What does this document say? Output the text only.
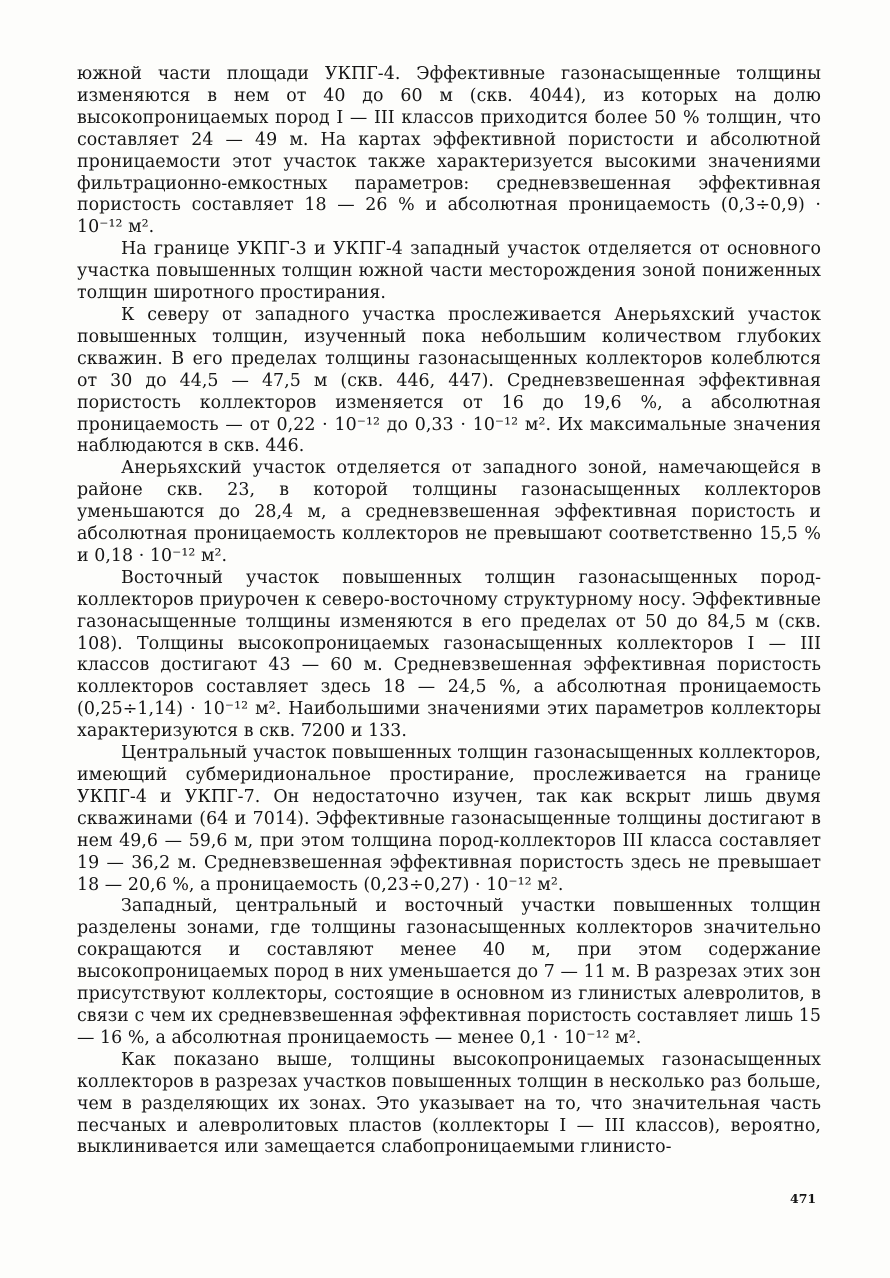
южной части площади УКПГ-4. Эффективные газонасыщенные толщины изменяются в нем от 40 до 60 м (скв. 4044), из которых на долю высокопроницаемых пород I — III классов приходится более 50 % толщин, что составляет 24 — 49 м. На картах эффективной пористости и абсолютной проницаемости этот участок также характеризуется высокими значениями фильтрационно-емкостных параметров: средневзвешенная эффективная пористость составляет 18 — 26 % и абсолютная проницаемость (0,3÷0,9) · 10⁻¹² м².

На границе УКПГ-3 и УКПГ-4 западный участок отделяется от основного участка повышенных толщин южной части месторождения зоной пониженных толщин широтного простирания.

К северу от западного участка прослеживается Анерьяхский участок повышенных толщин, изученный пока небольшим количеством глубоких скважин. В его пределах толщины газонасыщенных коллекторов колеблются от 30 до 44,5 — 47,5 м (скв. 446, 447). Средневзвешенная эффективная пористость коллекторов изменяется от 16 до 19,6 %, а абсолютная проницаемость — от 0,22 · 10⁻¹² до 0,33 · 10⁻¹² м². Их максимальные значения наблюдаются в скв. 446.

Анерьяхский участок отделяется от западного зоной, намечающейся в районе скв. 23, в которой толщины газонасыщенных коллекторов уменьшаются до 28,4 м, а средневзвешенная эффективная пористость и абсолютная проницаемость коллекторов не превышают соответственно 15,5 % и 0,18 · 10⁻¹² м².

Восточный участок повышенных толщин газонасыщенных пород-коллекторов приурочен к северо-восточному структурному носу. Эффективные газонасыщенные толщины изменяются в его пределах от 50 до 84,5 м (скв. 108). Толщины высокопроницаемых газонасыщенных коллекторов I — III классов достигают 43 — 60 м. Средневзвешенная эффективная пористость коллекторов составляет здесь 18 — 24,5 %, а абсолютная проницаемость (0,25÷1,14) · 10⁻¹² м². Наибольшими значениями этих параметров коллекторы характеризуются в скв. 7200 и 133.

Центральный участок повышенных толщин газонасыщенных коллекторов, имеющий субмеридиональное простирание, прослеживается на границе УКПГ-4 и УКПГ-7. Он недостаточно изучен, так как вскрыт лишь двумя скважинами (64 и 7014). Эффективные газонасыщенные толщины достигают в нем 49,6 — 59,6 м, при этом толщина пород-коллекторов III класса составляет 19 — 36,2 м. Средневзвешенная эффективная пористость здесь не превышает 18 — 20,6 %, а проницаемость (0,23÷0,27) · 10⁻¹² м².

Западный, центральный и восточный участки повышенных толщин разделены зонами, где толщины газонасыщенных коллекторов значительно сокращаются и составляют менее 40 м, при этом содержание высокопроницаемых пород в них уменьшается до 7 — 11 м. В разрезах этих зон присутствуют коллекторы, состоящие в основном из глинистых алевролитов, в связи с чем их средневзвешенная эффективная пористость составляет лишь 15 — 16 %, а абсолютная проницаемость — менее 0,1 · 10⁻¹² м².

Как показано выше, толщины высокопроницаемых газонасыщенных коллекторов в разрезах участков повышенных толщин в несколько раз больше, чем в разделяющих их зонах. Это указывает на то, что значительная часть песчаных и алевролитовых пластов (коллекторы I — III классов), вероятно, выклинивается или замещается слабопроницаемыми глинисто-

471
